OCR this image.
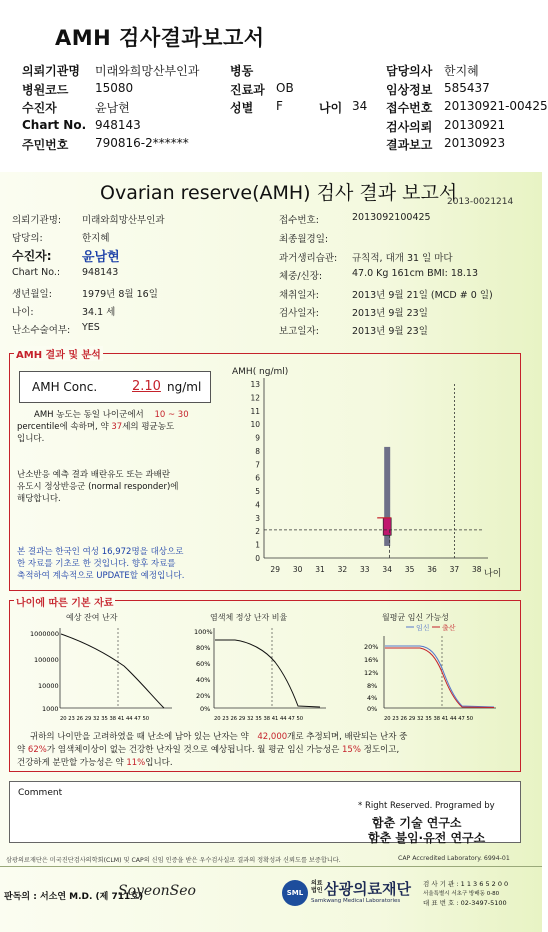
AMH 검사결과보고서
의뢰기관명 미래와희망산부인과	병동	담당의사 한지혜
병원코드 15080	진료과 OB	임상정보 585437
수진자	윤남현	성별 F	나이 34 접수번호 20130921-00425
Chart No. 948143	검사의뢰 20130921
주민번호 790816-2******	결과보고 20130923
Ovarian reserve(AMH) 검사 결과 보고서
2013-0021214
의뢰기관명: 미래와희망산부인과
담당의:	한지혜
수진자: 윤남현
Chart No.: 948143
생년월일:	1979년 8월 16일
나이:	34.1 세
난소수술여부: YES
접수번호:	2013092100425
최종월경일:
과거생리습관: 규칙적, 대개 31 일 마다
체중/신장:	47.0 Kg 161cm BMI: 18.13
채취일자:	2013년 9월 21일 (MCD # 0 일)
검사일자:	2013년 9월 23일
보고일자:	2013년 9월 23일
AMH 결과 및 분석
AMH Conc.	2.10 ng/ml
AMH 농도는 동일 나이군에서 10 ~ 30
percentile에 속하며, 약 37세의 평균농도
입니다.
난소반응 예측 결과 배란유도 또는 과배란
유도시 정상반응군 (normal responder)에
해당합니다.
본 결과는 한국인 여성 16,972명을 대상으로
한 자료를 기초로 한 것입니다. 향후 자료를
축적하여 계속적으로 UPDATE할 예정입니다.
AMH( ng/ml)
나이
0
1
2
3
4
5
6
7
8
9
10
11
12
13
29 30 31 32 33 34 35 36 37 38
나이에 따른 기본 자료
예상 잔여 난자
1000000
100000
10000
1000
20 23 26 29 32 35 38 41 44 47 50
염색체 정상 난자 비율
100%
80%
60%
40%
20%
0%
20 23 26 29 32 35 38 41 44 47 50
월평균 임신 가능성
임신 출산
20%
16%
12%
8%
4%
0%
20 23 26 29 32 35 38 41 44 47 50
귀하의 나이만을 고려하였을 때 난소에 남아 있는 난자는 약 42,000개로 추정되며, 배란되는 난자 중
약 62%가 염색체이상이 없는 건강한 난자일 것으로 예상됩니다. 월 평균 임신 가능성은 15% 정도이고,
건강하게 분만할 가능성은 약 11%입니다.
Comment
* Right Reserved. Programed by
함춘 기술 연구소
함춘 불임·유전 연구소
삼광의료재단은 미국진단검사의학회(CLM) 및 CAP의 신임 인증을 받은 우수검사실로 결과의 정확성과 신뢰도를 보증합니다.	CAP Accredited Laboratory. 6994-01
판독의 : 서소연 M.D. (제 711호)
SoyeonSeo	SML
의료 법인 삼광의료재단
Samkwang Medical Laboratories
검 사 기 관 : 1 1 3 6 5 2 0 0
서울특별시 서초구 방배동 0-80
대 표 번 호 : 02-3497-5100
